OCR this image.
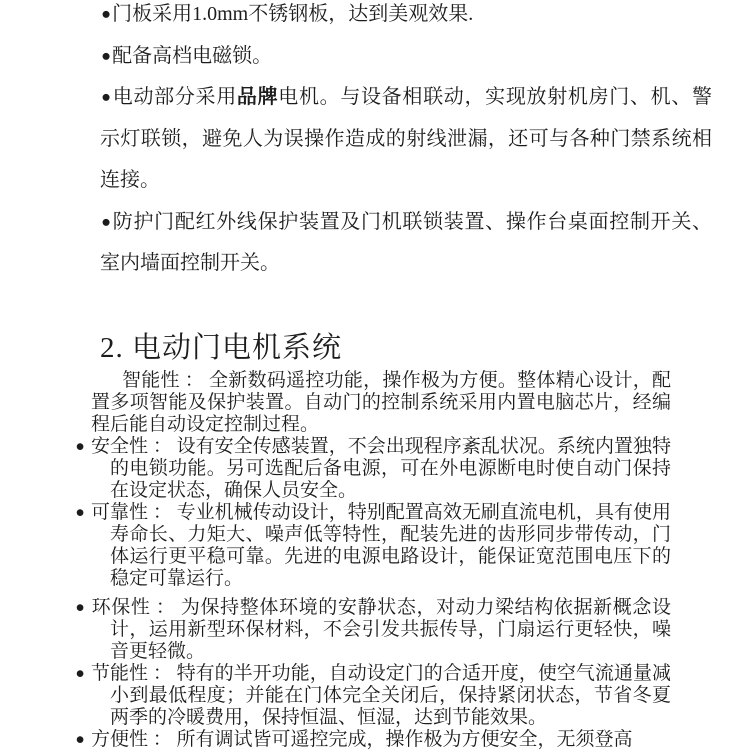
●门板采用1.0mm不锈钢板，达到美观效果.

●配备高档电磁锁。

●电动部分采用品牌电机。与设备相联动，实现放射机房门、机、警示灯联锁，避免人为误操作造成的射线泄漏，还可与各种门禁系统相连接。

●防护门配红外线保护装置及门机联锁装置、操作台桌面控制开关、室内墙面控制开关。

2. 电动门电机系统

智能性 ： 全新数码遥控功能，操作极为方便。整体精心设计，配置多项智能及保护装置。自动门的控制系统采用内置电脑芯片，经编程后能自动设定控制过程。

● 安全性 ： 设有安全传感装置，不会出现程序紊乱状况。系统内置独特的电锁功能。另可选配后备电源，可在外电源断电时使自动门保持在设定状态，确保人员安全。

● 可靠性 ： 专业机械传动设计，特别配置高效无刷直流电机，具有使用寿命长、力矩大、噪声低等特性，配装先进的齿形同步带传动，门体运行更平稳可靠。先进的电源电路设计，能保证宽范围电压下的稳定可靠运行。

● 环保性 ： 为保持整体环境的安静状态，对动力梁结构依据新概念设计，运用新型环保材料，不会引发共振传导，门扇运行更轻快，噪音更轻微。

● 节能性 ： 特有的半开功能，自动设定门的合适开度，使空气流通量减小到最低程度；并能在门体完全关闭后，保持紧闭状态，节省冬夏两季的冷暖费用，保持恒温、恒湿，达到节能效果。

● 方便性 ： 所有调试皆可遥控完成，操作极为方便安全，无须登高
